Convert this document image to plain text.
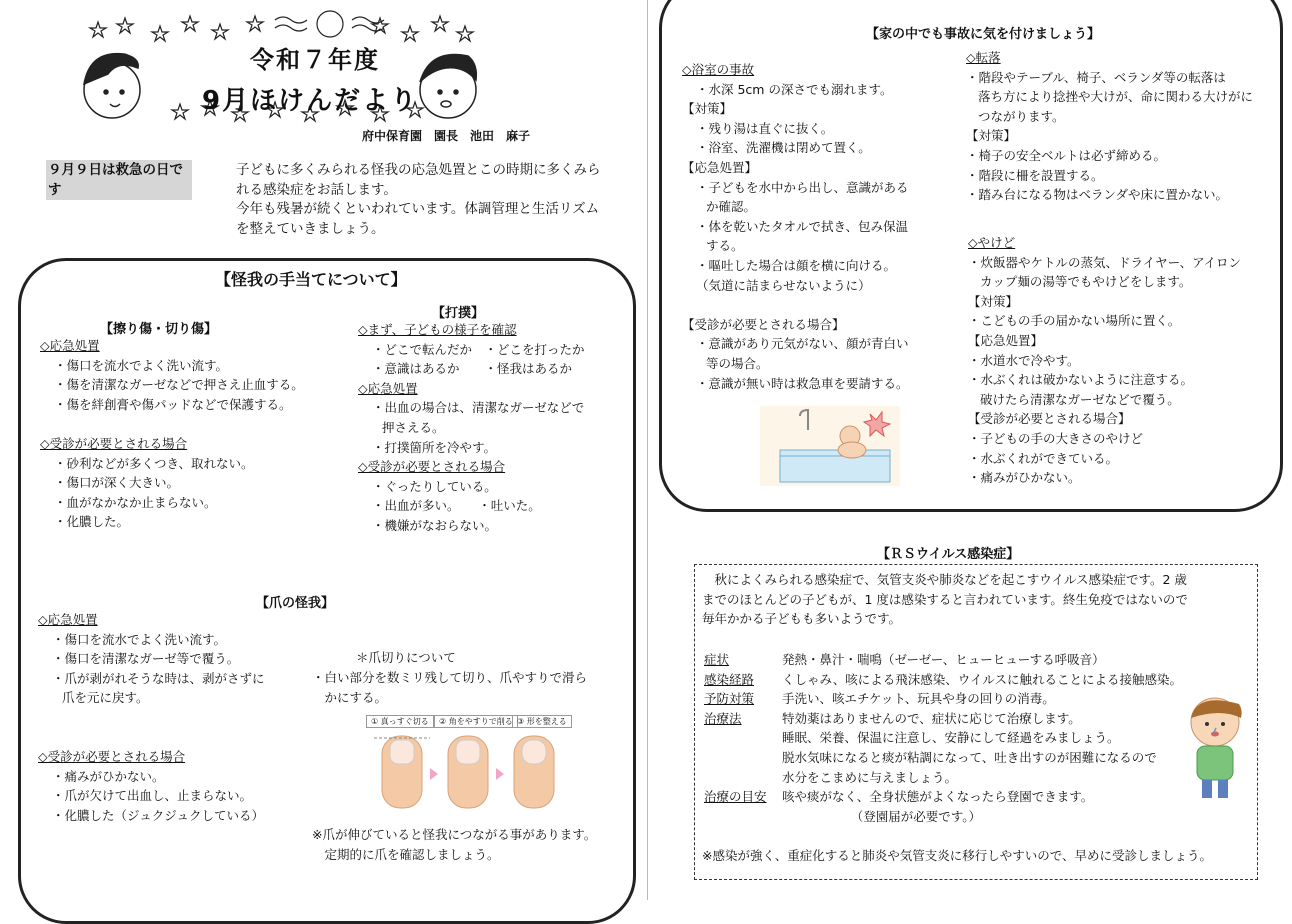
令和７年度
9月ほけんだより
府中保育園　園長　池田　麻子
９月９日は救急の日です
子どもに多くみられる怪我の応急処置とこの時期に多くみら
れる感染症をお話します。
今年も残暑が続くといわれています。体調管理と生活リズム
を整えていきましょう。
【怪我の手当てについて】
【擦り傷・切り傷】
◇応急処置
・傷口を流水でよく洗い流す。
・傷を清潔なガーゼなどで押さえ止血する。
・傷を絆創膏や傷パッドなどで保護する。
◇受診が必要とされる場合
・砂利などが多くつき、取れない。
・傷口が深く大きい。
・血がなかなか止まらない。
・化膿した。
【打撲】
◇まず、子どもの様子を確認
・どこで転んだか　・どこを打ったか
・意識はあるか　　・怪我はあるか
◇応急処置
・出血の場合は、清潔なガーゼなどで
押さえる。
・打撲箇所を冷やす。
◇受診が必要とされる場合
・ぐったりしている。
・出血が多い。　　・吐いた。
・機嫌がなおらない。
【爪の怪我】
◇応急処置
・傷口を流水でよく洗い流す。
・傷口を清潔なガーゼ等で覆う。
・爪が剥がれそうな時は、剥がさずに
爪を元に戻す。
◇受診が必要とされる場合
・痛みがひかない。
・爪が欠けて出血し、止まらない。
・化膿した（ジュクジュクしている）
＊爪切りについて
・白い部分を数ミリ残して切り、爪やすりで滑ら
　かにする。
① 真っすぐ切る	② 角をやすりで削る ③ 形を整える
※爪が伸びていると怪我につながる事があります。
　定期的に爪を確認しましょう。
【家の中でも事故に気を付けましょう】
◇浴室の事故
・水深 5cm の深さでも溺れます。
【対策】
・残り湯は直ぐに抜く。
・浴室、洗濯機は閉めて置く。
【応急処置】
・子どもを水中から出し、意識がある
か確認。
・体を乾いたタオルで拭き、包み保温
する。
・嘔吐した場合は顔を横に向ける。
（気道に詰まらせないように）
【受診が必要とされる場合】
・意識があり元気がない、顔が青白い
等の場合。
・意識が無い時は救急車を要請する。
◇転落
・階段やテーブル、椅子、ベランダ等の転落は
落ち方により捻挫や大けが、命に関わる大けがに
つながります。
【対策】
・椅子の安全ベルトは必ず締める。
・階段に柵を設置する。
・踏み台になる物はベランダや床に置かない。
◇やけど
・炊飯器やケトルの蒸気、ドライヤー、アイロン
カップ麺の湯等でもやけどをします。
【対策】
・こどもの手の届かない場所に置く。
【応急処置】
・水道水で冷やす。
・水ぶくれは破かないように注意する。
破けたら清潔なガーゼなどで覆う。
【受診が必要とされる場合】
・子どもの手の大きさのやけど
・水ぶくれができている。
・痛みがひかない。
【ＲＳウイルス感染症】
　秋によくみられる感染症で、気管支炎や肺炎などを起こすウイルス感染症です。2 歳
までのほとんどの子どもが、1 度は感染すると言われています。終生免疫ではないので
毎年かかる子どもも多いようです。
症状
感染経路
予防対策
治療法
治療の目安
発熱・鼻汁・喘鳴（ゼーゼー、ヒューヒューする呼吸音）
くしゃみ、咳による飛沫感染、ウイルスに触れることによる接触感染。
手洗い、咳エチケット、玩具や身の回りの消毒。
特効薬はありませんので、症状に応じて治療します。
睡眠、栄養、保温に注意し、安静にして経過をみましょう。
脱水気味になると痰が粘調になって、吐き出すのが困難になるので
水分をこまめに与えましょう。
咳や痰がなく、全身状態がよくなったら登園できます。
　　　　　　（登園届が必要です。）
※感染が強く、重症化すると肺炎や気管支炎に移行しやすいので、早めに受診しましょう。
